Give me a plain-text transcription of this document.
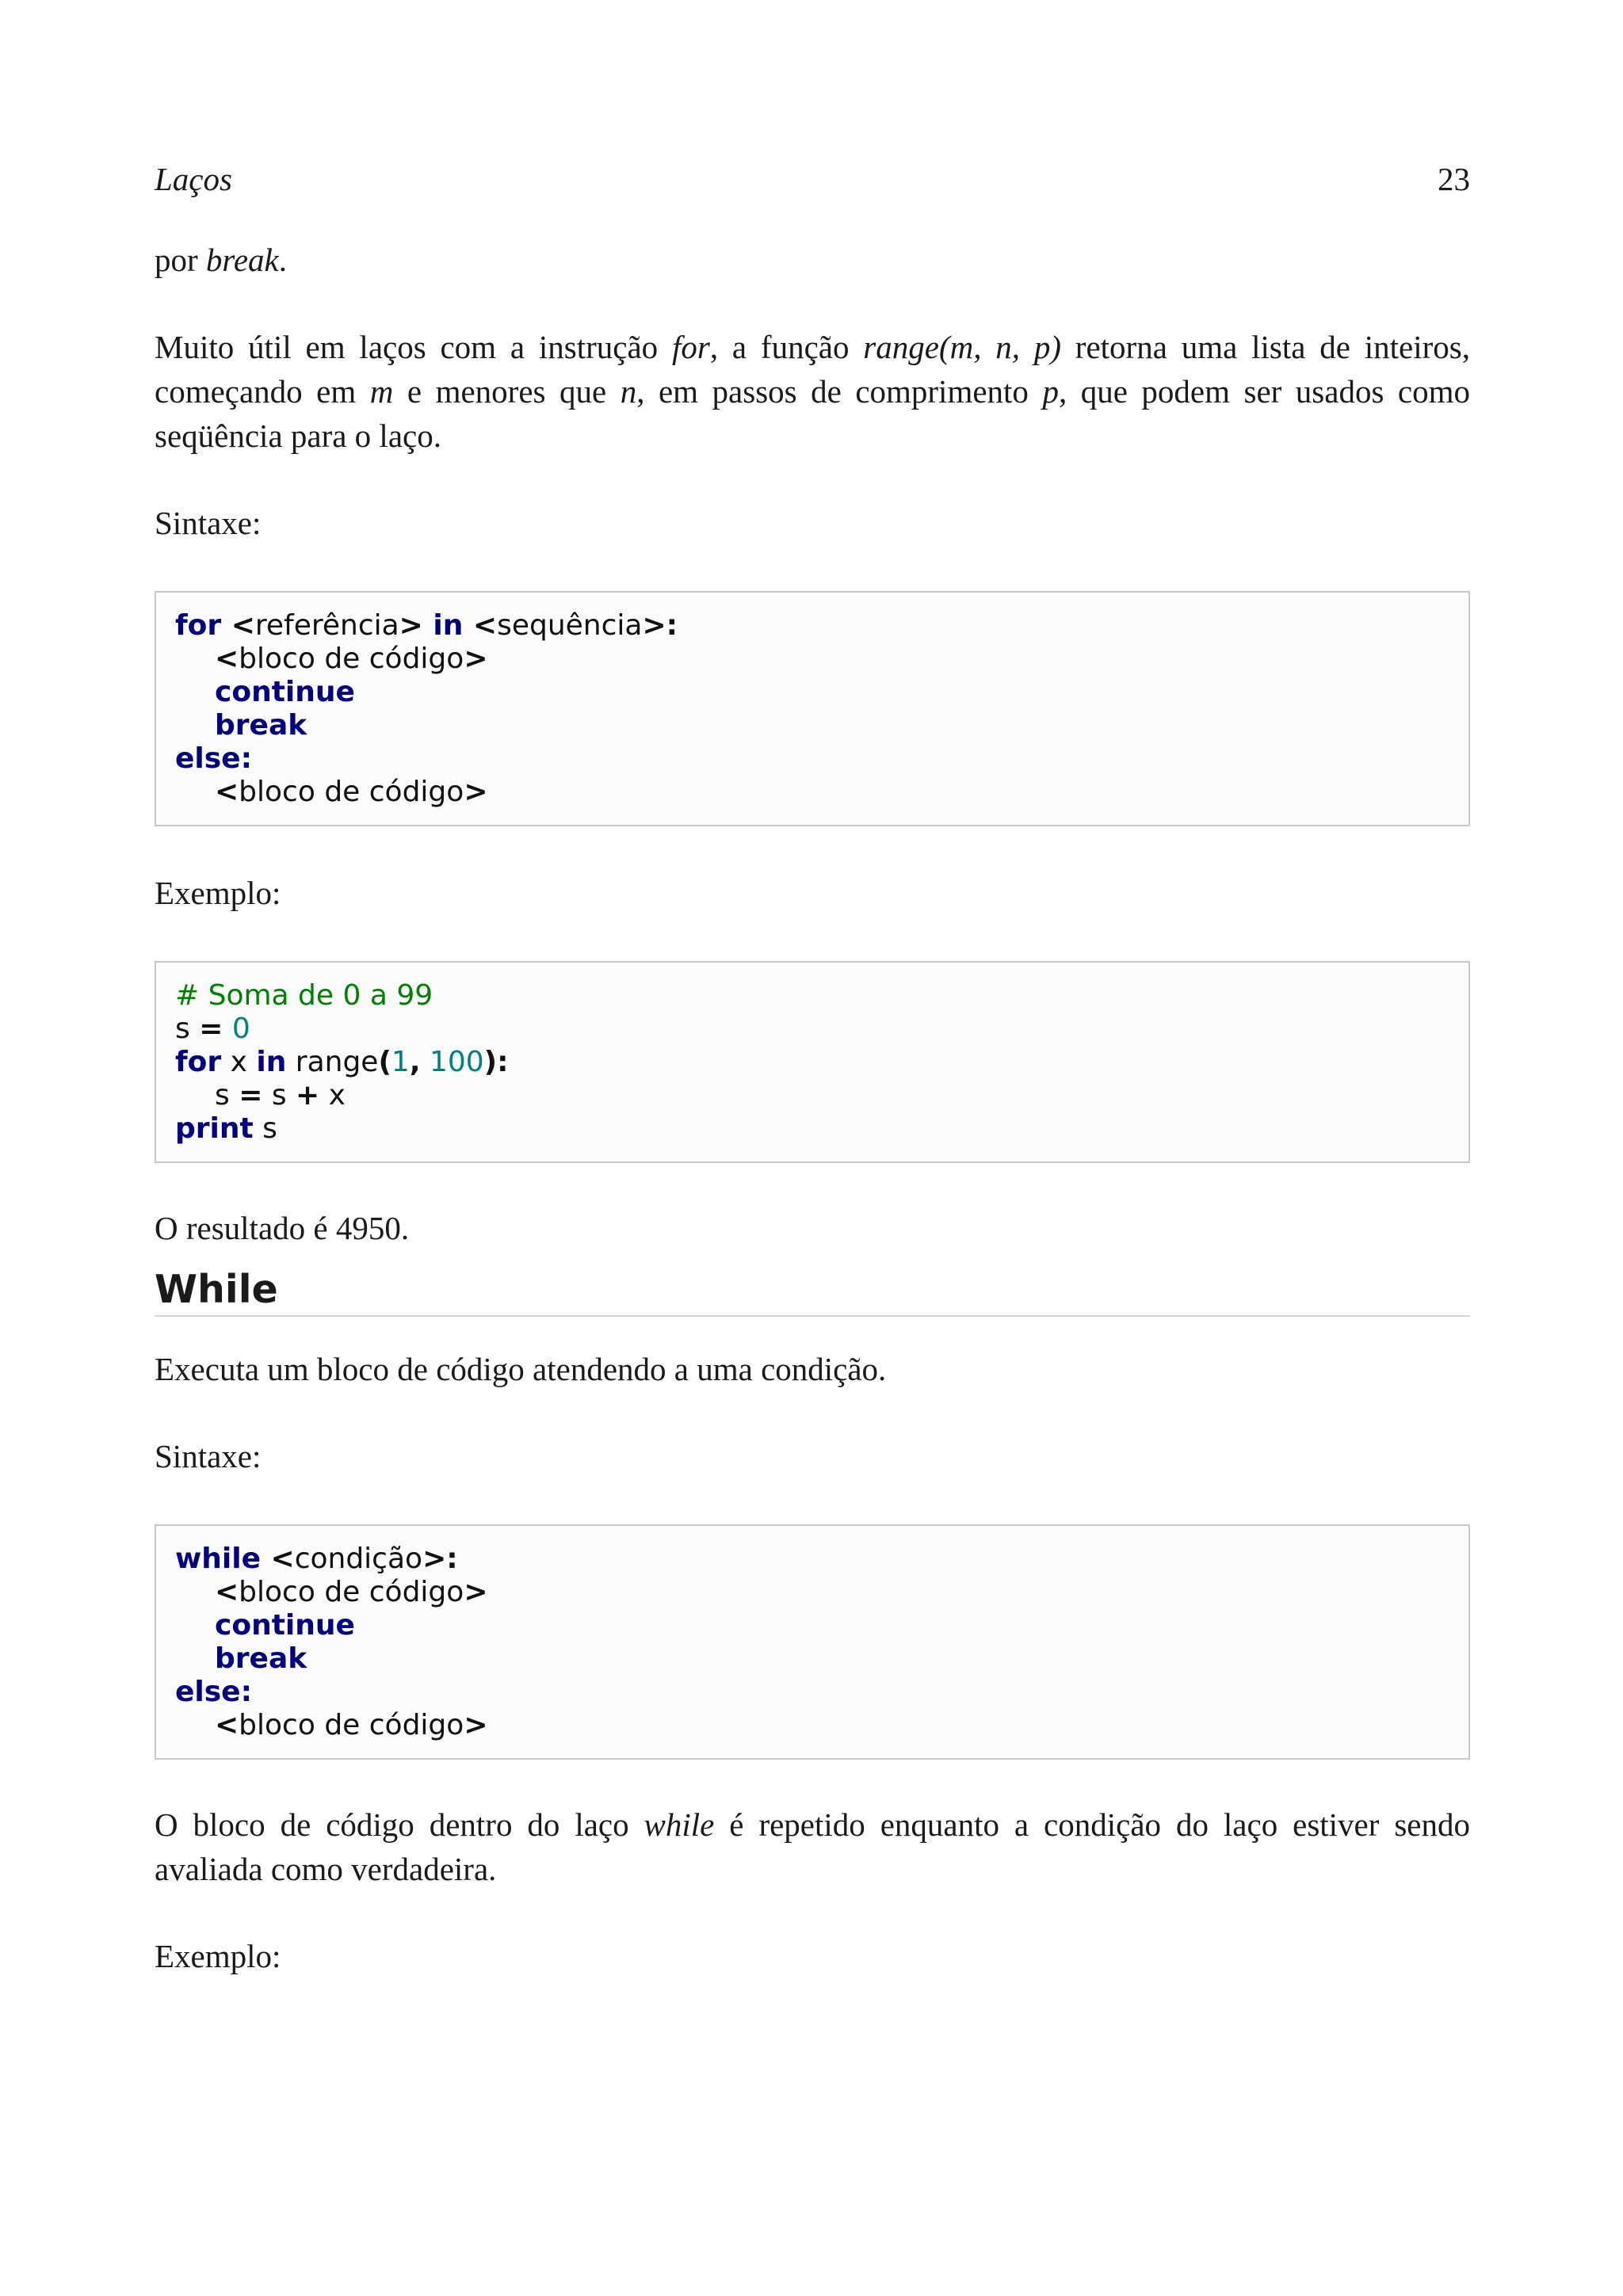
Laços	23

por break.

Muito útil em laços com a instrução for, a função range(m, n, p) retorna uma lista de inteiros, começando em m e menores que n, em passos de comprimento p, que podem ser usados como seqüência para o laço.

Sintaxe:

for <referência> in <sequência>:
<bloco de código>
continue
break
else:
<bloco de código>

Exemplo:

# Soma de 0 a 99
s = 0
for x in range(1, 100):
s = s + x
print s

O resultado é 4950.

While

Executa um bloco de código atendendo a uma condição.

Sintaxe:

while <condição>:
<bloco de código>
continue
break
else:
<bloco de código>

O bloco de código dentro do laço while é repetido enquanto a condição do laço estiver sendo avaliada como verdadeira.

Exemplo:
